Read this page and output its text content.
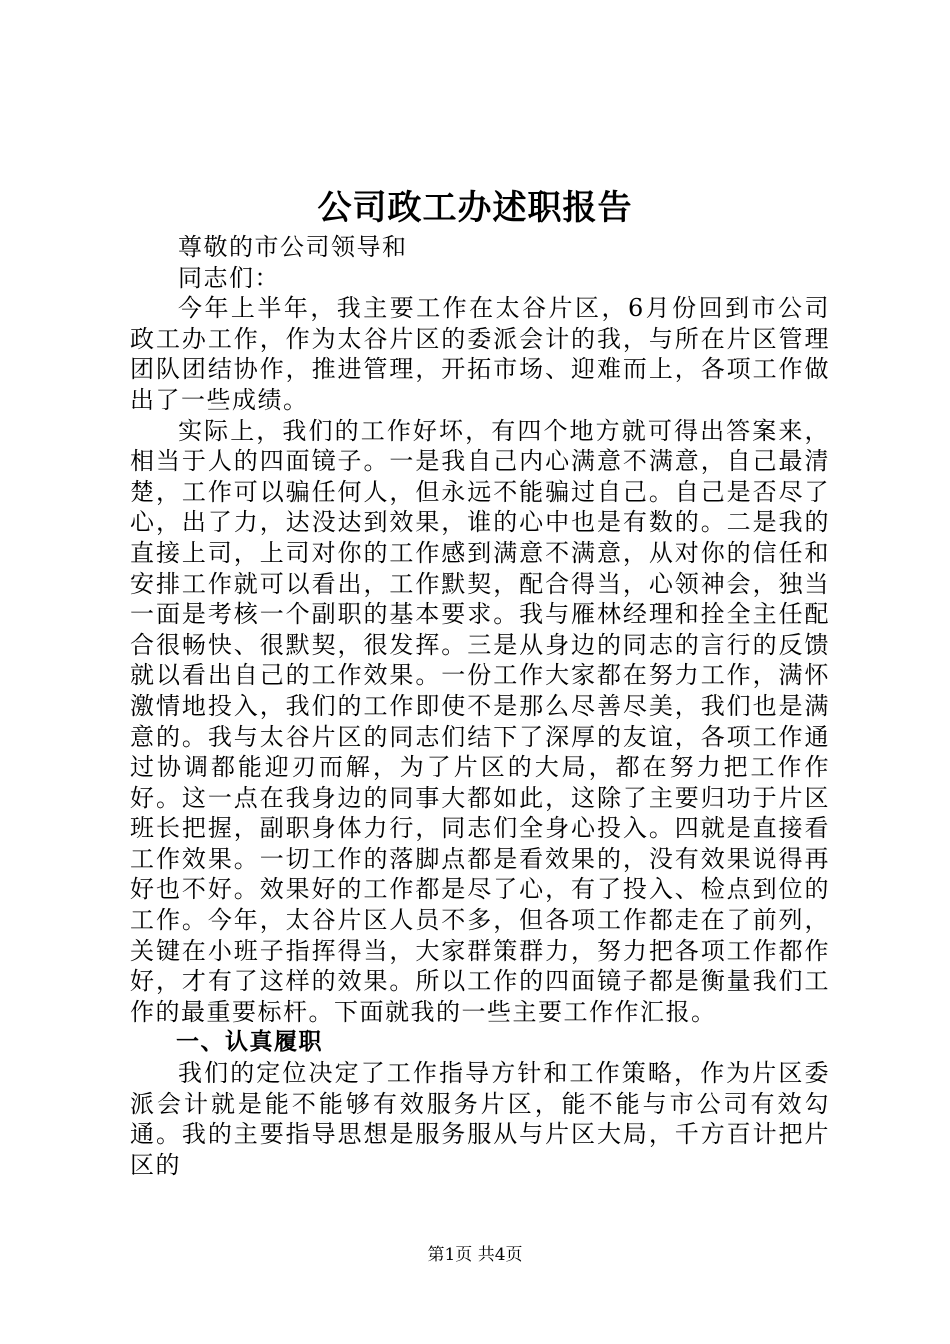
公司政工办述职报告

尊敬的市公司领导和

同志们：

今年上半年，我主要工作在太谷片区，6月份回到市公司政工办工作，作为太谷片区的委派会计的我，与所在片区管理团队团结协作，推进管理，开拓市场、迎难而上，各项工作做出了一些成绩。

实际上，我们的工作好坏，有四个地方就可得出答案来，相当于人的四面镜子。一是我自己内心满意不满意，自己最清楚，工作可以骗任何人，但永远不能骗过自己。自己是否尽了心，出了力，达没达到效果，谁的心中也是有数的。二是我的直接上司，上司对你的工作感到满意不满意，从对你的信任和安排工作就可以看出，工作默契，配合得当，心领神会，独当一面是考核一个副职的基本要求。我与雁林经理和拴全主任配合很畅快、很默契，很发挥。三是从身边的同志的言行的反馈就以看出自己的工作效果。一份工作大家都在努力工作，满怀激情地投入，我们的工作即使不是那么尽善尽美，我们也是满意的。我与太谷片区的同志们结下了深厚的友谊，各项工作通过协调都能迎刃而解，为了片区的大局，都在努力把工作作好。这一点在我身边的同事大都如此，这除了主要归功于片区班长把握，副职身体力行，同志们全身心投入。四就是直接看工作效果。一切工作的落脚点都是看效果的，没有效果说得再好也不好。效果好的工作都是尽了心，有了投入、检点到位的工作。今年，太谷片区人员不多，但各项工作都走在了前列，关键在小班子指挥得当，大家群策群力，努力把各项工作都作好，才有了这样的效果。所以工作的四面镜子都是衡量我们工作的最重要标杆。下面就我的一些主要工作作汇报。

一、认真履职

我们的定位决定了工作指导方针和工作策略，作为片区委派会计就是能不能够有效服务片区，能不能与市公司有效勾通。我的主要指导思想是服务服从与片区大局，千方百计把片区的

第1页 共4页
